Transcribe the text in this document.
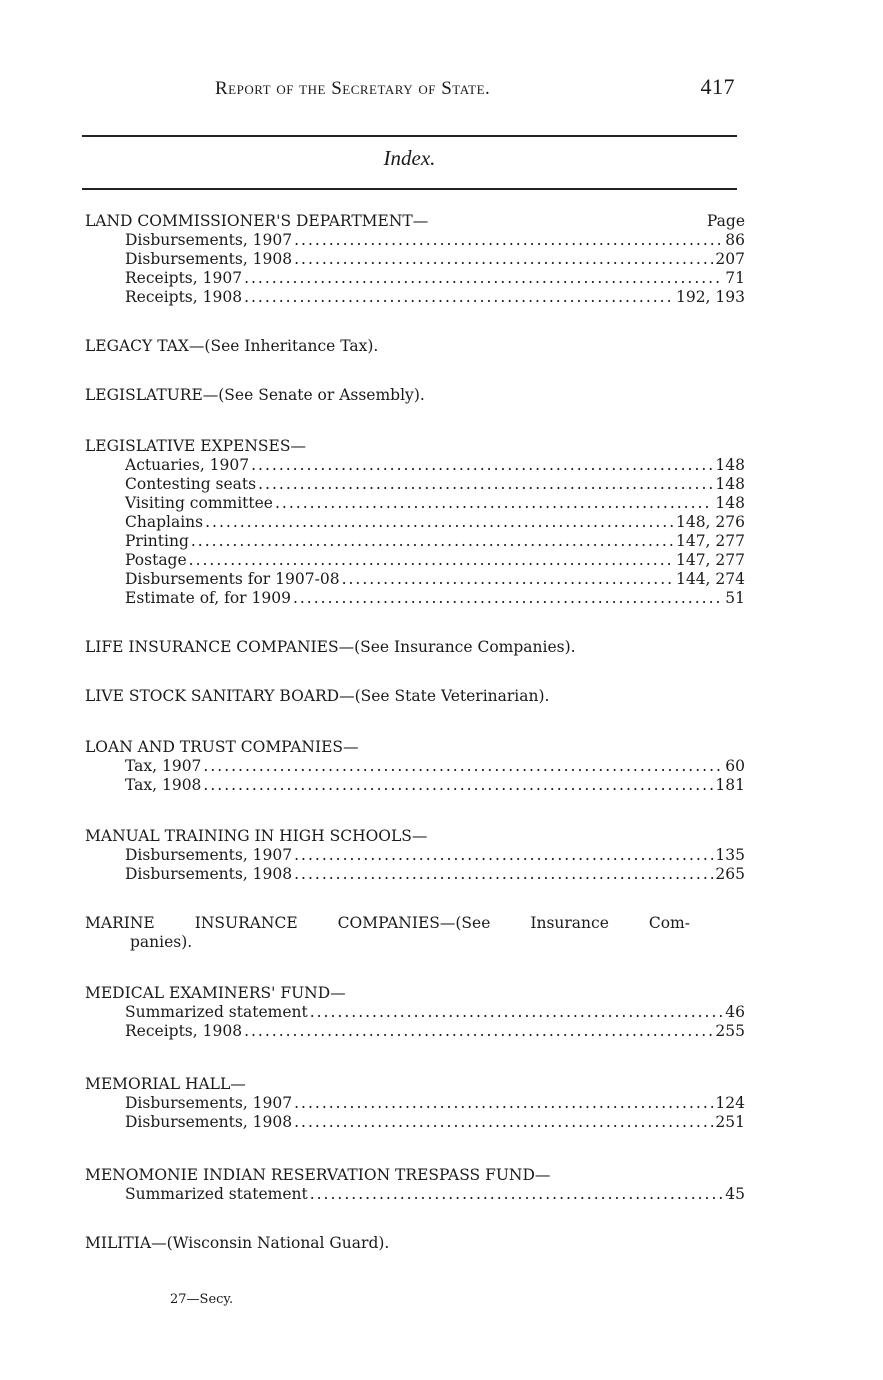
Report of the Secretary of State.	417
Index.
LAND COMMISSIONER'S DEPARTMENT—	Page
Disbursements, 1907 .....	86
Disbursements, 1908 .....	207
Receipts, 1907 .....	71
Receipts, 1908 .....	192, 193
LEGACY TAX—(See Inheritance Tax).
LEGISLATURE—(See Senate or Assembly).
LEGISLATIVE EXPENSES—
Actuaries, 1907 .....	148
Contesting seats .....	148
Visiting committee .....	148
Chaplains .....	148, 276
Printing .....	147, 277
Postage .....	147, 277
Disbursements for 1907-08 .....	144, 274
Estimate of, for 1909 .....	51
LIFE INSURANCE COMPANIES—(See Insurance Companies).
LIVE STOCK SANITARY BOARD—(See State Veterinarian).
LOAN AND TRUST COMPANIES—
Tax, 1907 .....	60
Tax, 1908 .....	181
MANUAL TRAINING IN HIGH SCHOOLS—
Disbursements, 1907 .....	135
Disbursements, 1908 .....	265
MARINE	INSURANCE	COMPANIES—(See	Insurance	Com-
panies).
MEDICAL EXAMINERS' FUND—
Summarized statement .....	46
Receipts, 1908 .....	255
MEMORIAL HALL—
Disbursements, 1907 .....	124
Disbursements, 1908 .....	251
MENOMONIE INDIAN RESERVATION TRESPASS FUND—
Summarized statement .....	45
MILITIA—(Wisconsin National Guard).
27—Secy.
